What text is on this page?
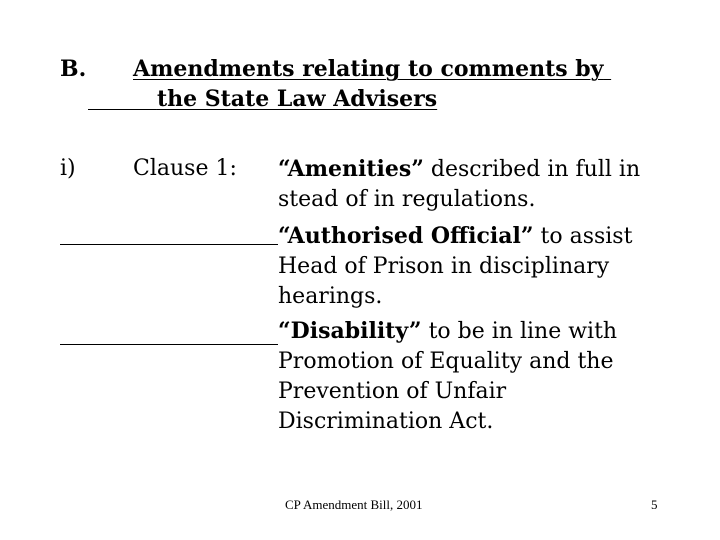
B. Amendments relating to comments by
the State Law Advisers
i)	Clause 1: “Amenities” described in full in
stead of in regulations.
“Authorised Official” to assist
Head of Prison in disciplinary
hearings.
“Disability” to be in line with
Promotion of Equality and the
Prevention of Unfair
Discrimination Act.
CP Amendment Bill, 2001	5
